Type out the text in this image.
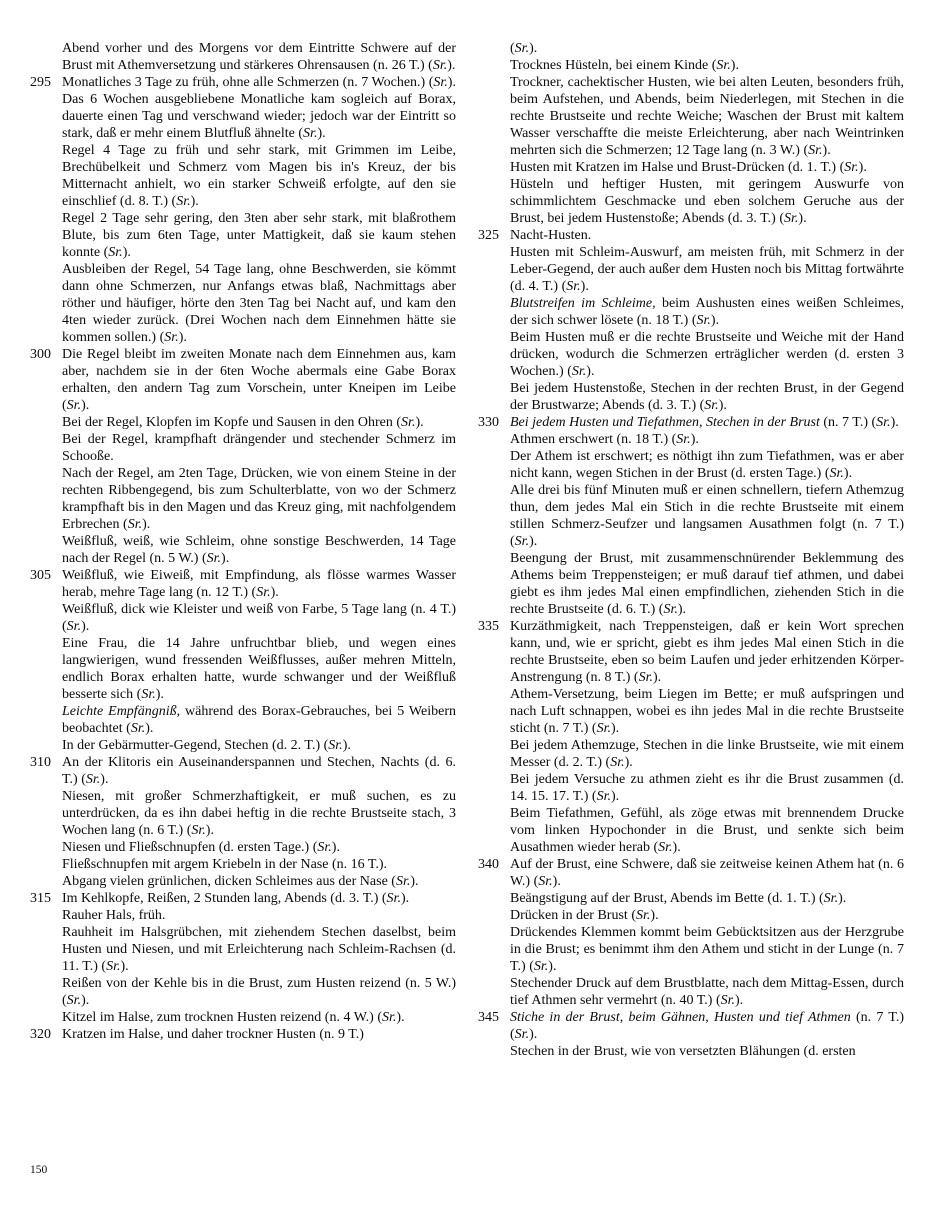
Abend vorher und des Morgens vor dem Eintritte Schwere auf der Brust mit Athemversetzung und stärkeres Ohrensausen (n. 26 T.) (Sr.).

295 Monatliches 3 Tage zu früh, ohne alle Schmerzen (n. 7 Wochen.) (Sr.).

Das 6 Wochen ausgebliebene Monatliche kam sogleich auf Borax, dauerte einen Tag und verschwand wieder; jedoch war der Eintritt so stark, daß er mehr einem Blutfluß ähnelte (Sr.).

Regel 4 Tage zu früh und sehr stark, mit Grimmen im Leibe, Brechübelkeit und Schmerz vom Magen bis in's Kreuz, der bis Mitternacht anhielt, wo ein starker Schweiß erfolgte, auf den sie einschlief (d. 8. T.) (Sr.).

Regel 2 Tage sehr gering, den 3ten aber sehr stark, mit blaßrothem Blute, bis zum 6ten Tage, unter Mattigkeit, daß sie kaum stehen konnte (Sr.).

Ausbleiben der Regel, 54 Tage lang, ohne Beschwerden, sie kömmt dann ohne Schmerzen, nur Anfangs etwas blaß, Nachmittags aber röther und häufiger, hörte den 3ten Tag bei Nacht auf, und kam den 4ten wieder zurück. (Drei Wochen nach dem Einnehmen hätte sie kommen sollen.) (Sr.).

300 Die Regel bleibt im zweiten Monate nach dem Einnehmen aus, kam aber, nachdem sie in der 6ten Woche abermals eine Gabe Borax erhalten, den andern Tag zum Vorschein, unter Kneipen im Leibe (Sr.).

Bei der Regel, Klopfen im Kopfe und Sausen in den Ohren (Sr.).

Bei der Regel, krampfhaft drängender und stechender Schmerz im Schooße.

Nach der Regel, am 2ten Tage, Drücken, wie von einem Steine in der rechten Ribbengegend, bis zum Schulterblatte, von wo der Schmerz krampfhaft bis in den Magen und das Kreuz ging, mit nachfolgendem Erbrechen (Sr.).

Weißfluß, weiß, wie Schleim, ohne sonstige Beschwerden, 14 Tage nach der Regel (n. 5 W.) (Sr.).

305 Weißfluß, wie Eiweiß, mit Empfindung, als flösse warmes Wasser herab, mehre Tage lang (n. 12 T.) (Sr.).

Weißfluß, dick wie Kleister und weiß von Farbe, 5 Tage lang (n. 4 T.) (Sr.).

Eine Frau, die 14 Jahre unfruchtbar blieb, und wegen eines langwierigen, wund fressenden Weißflusses, außer mehren Mitteln, endlich Borax erhalten hatte, wurde schwanger und der Weißfluß besserte sich (Sr.).

Leichte Empfängniß, während des Borax-Gebrauches, bei 5 Weibern beobachtet (Sr.).

In der Gebärmutter-Gegend, Stechen (d. 2. T.) (Sr.).

310 An der Klitoris ein Auseinanderspannen und Stechen, Nachts (d. 6. T.) (Sr.).

Niesen, mit großer Schmerzhaftigkeit, er muß suchen, es zu unterdrücken, da es ihn dabei heftig in die rechte Brustseite stach, 3 Wochen lang (n. 6 T.) (Sr.).

Niesen und Fließschnupfen (d. ersten Tage.) (Sr.).

Fließschnupfen mit argem Kriebeln in der Nase (n. 16 T.).

Abgang vielen grünlichen, dicken Schleimes aus der Nase (Sr.).

315 Im Kehlkopfe, Reißen, 2 Stunden lang, Abends (d. 3. T.) (Sr.).

Rauher Hals, früh.

Rauhheit im Halsgrübchen, mit ziehendem Stechen daselbst, beim Husten und Niesen, und mit Erleichterung nach Schleim-Rachsen (d. 11. T.) (Sr.).

Reißen von der Kehle bis in die Brust, zum Husten reizend (n. 5 W.) (Sr.).

Kitzel im Halse, zum trocknen Husten reizend (n. 4 W.) (Sr.).

320 Kratzen im Halse, und daher trockner Husten (n. 9 T.)

(Sr.).

Trocknes Hüsteln, bei einem Kinde (Sr.).

Trockner, cachektischer Husten, wie bei alten Leuten, besonders früh, beim Aufstehen, und Abends, beim Niederlegen, mit Stechen in die rechte Brustseite und rechte Weiche; Waschen der Brust mit kaltem Wasser verschaffte die meiste Erleichterung, aber nach Weintrinken mehrten sich die Schmerzen; 12 Tage lang (n. 3 W.) (Sr.).

Husten mit Kratzen im Halse und Brust-Drücken (d. 1. T.) (Sr.).

Hüsteln und heftiger Husten, mit geringem Auswurfe von schimmlichtem Geschmacke und eben solchem Geruche aus der Brust, bei jedem Hustenstoße; Abends (d. 3. T.) (Sr.).

325 Nacht-Husten.

Husten mit Schleim-Auswurf, am meisten früh, mit Schmerz in der Leber-Gegend, der auch außer dem Husten noch bis Mittag fortwährte (d. 4. T.) (Sr.).

Blutstreifen im Schleime, beim Aushusten eines weißen Schleimes, der sich schwer lösete (n. 18 T.) (Sr.).

Beim Husten muß er die rechte Brustseite und Weiche mit der Hand drücken, wodurch die Schmerzen erträglicher werden (d. ersten 3 Wochen.) (Sr.).

Bei jedem Hustenstoße, Stechen in der rechten Brust, in der Gegend der Brustwarze; Abends (d. 3. T.) (Sr.).

330 Bei jedem Husten und Tiefathmen, Stechen in der Brust (n. 7 T.) (Sr.).

Athmen erschwert (n. 18 T.) (Sr.).

Der Athem ist erschwert; es nöthigt ihn zum Tiefathmen, was er aber nicht kann, wegen Stichen in der Brust (d. ersten Tage.) (Sr.).

Alle drei bis fünf Minuten muß er einen schnellern, tiefern Athemzug thun, dem jedes Mal ein Stich in die rechte Brustseite mit einem stillen Schmerz-Seufzer und langsamen Ausathmen folgt (n. 7 T.) (Sr.).

Beengung der Brust, mit zusammenschnürender Beklemmung des Athems beim Treppensteigen; er muß darauf tief athmen, und dabei giebt es ihm jedes Mal einen empfindlichen, ziehenden Stich in die rechte Brustseite (d. 6. T.) (Sr.).

335 Kurzäthmigkeit, nach Treppensteigen, daß er kein Wort sprechen kann, und, wie er spricht, giebt es ihm jedes Mal einen Stich in die rechte Brustseite, eben so beim Laufen und jeder erhitzenden Körper-Anstrengung (n. 8 T.) (Sr.).

Athem-Versetzung, beim Liegen im Bette; er muß aufspringen und nach Luft schnappen, wobei es ihn jedes Mal in die rechte Brustseite sticht (n. 7 T.) (Sr.).

Bei jedem Athemzuge, Stechen in die linke Brustseite, wie mit einem Messer (d. 2. T.) (Sr.).

Bei jedem Versuche zu athmen zieht es ihr die Brust zusammen (d. 14. 15. 17. T.) (Sr.).

Beim Tiefathmen, Gefühl, als zöge etwas mit brennendem Drucke vom linken Hypochonder in die Brust, und senkte sich beim Ausathmen wieder herab (Sr.).

340 Auf der Brust, eine Schwere, daß sie zeitweise keinen Athem hat (n. 6 W.) (Sr.).

Beängstigung auf der Brust, Abends im Bette (d. 1. T.) (Sr.).

Drücken in der Brust (Sr.).

Drückendes Klemmen kommt beim Gebücktsitzen aus der Herzgrube in die Brust; es benimmt ihm den Athem und sticht in der Lunge (n. 7 T.) (Sr.).

Stechender Druck auf dem Brustblatte, nach dem Mittag-Essen, durch tief Athmen sehr vermehrt (n. 40 T.) (Sr.).

345 Stiche in der Brust, beim Gähnen, Husten und tief Athmen (n. 7 T.) (Sr.).

Stechen in der Brust, wie von versetzten Blähungen (d. ersten

150
